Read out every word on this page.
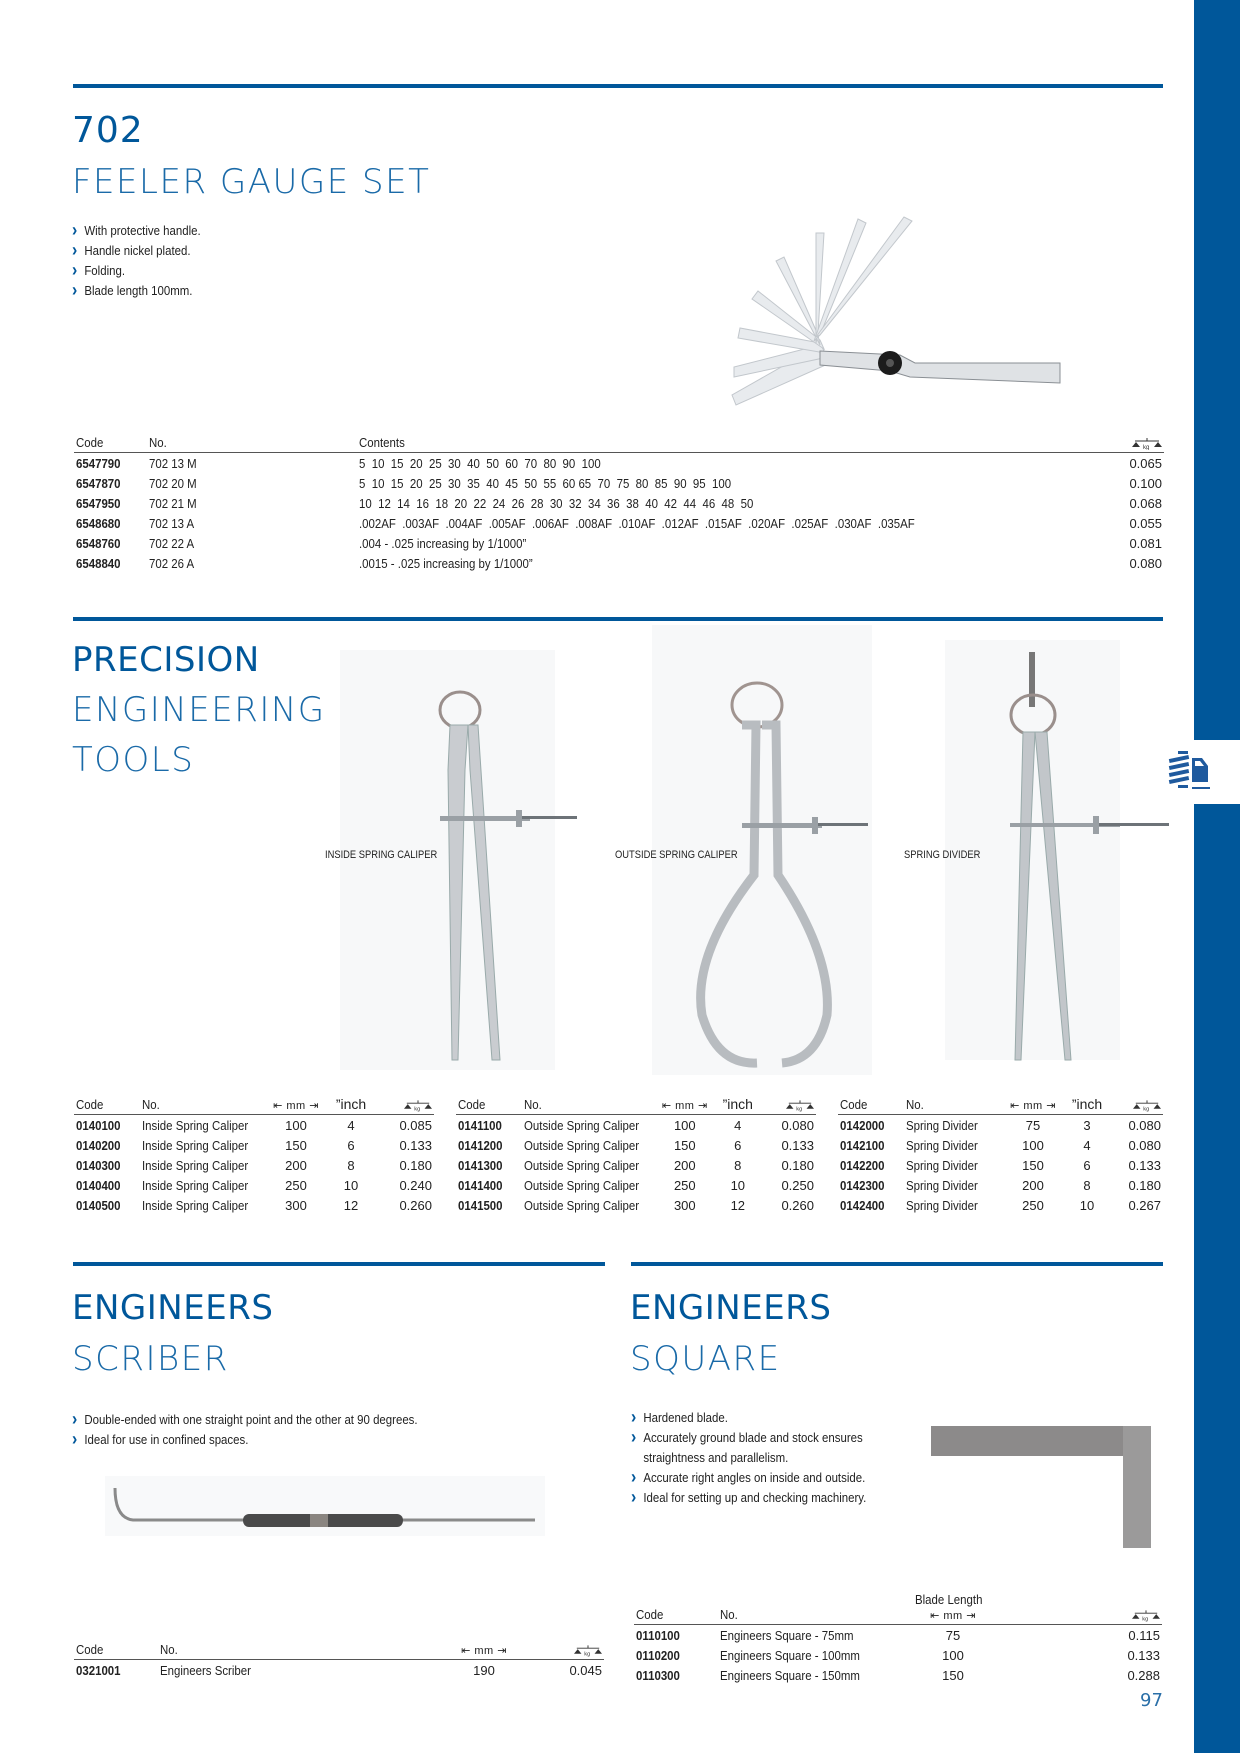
702
FEELER GAUGE SET
› With protective handle.
› Handle nickel plated.
› Folding.
› Blade length 100mm.
Code	No.	Contents	kg

6547790	702 13 M	5  10  15  20  25  30  40  50  60  70  80  90  100	0.065
6547870	702 20 M	5  10  15  20  25  30  35  40  45  50  55  60 65  70  75  80  85  90  95  100	0.100
6547950	702 21 M	10  12  14  16  18  20  22  24  26  28  30  32  34  36  38  40  42  44  46  48  50	0.068
6548680	702 13 A	.002AF  .003AF  .004AF  .005AF  .006AF  .008AF  .010AF  .012AF  .015AF  .020AF  .025AF  .030AF  .035AF	0.055
6548760	702 22 A	.004 - .025 increasing by 1/1000”	0.081
6548840	702 26 A	.0015 - .025 increasing by 1/1000”	0.080
PRECISION
ENGINEERING
TOOLS
INSIDE SPRING CALIPER	OUTSIDE SPRING CALIPER	SPRING DIVIDER
Code	No.	⇤ mm ⇥	”inch	kg

0140100	Inside Spring Caliper	100	4	0.085
0140200	Inside Spring Caliper	150	6	0.133
0140300	Inside Spring Caliper	200	8	0.180
0140400	Inside Spring Caliper	250	10	0.240
0140500	Inside Spring Caliper	300	12	0.260
Code	No.	⇤ mm ⇥	”inch	kg

0141100	Outside Spring Caliper	100	4	0.080
0141200	Outside Spring Caliper	150	6	0.133
0141300	Outside Spring Caliper	200	8	0.180
0141400	Outside Spring Caliper	250	10	0.250
0141500	Outside Spring Caliper	300	12	0.260
Code	No.	⇤ mm ⇥	”inch	kg

0142000	Spring Divider	75	3	0.080
0142100	Spring Divider	100	4	0.080
0142200	Spring Divider	150	6	0.133
0142300	Spring Divider	200	8	0.180
0142400	Spring Divider	250	10	0.267
ENGINEERS
SCRIBER
› Double-ended with one straight point and the other at 90 degrees.
› Ideal for use in confined spaces.
Code	No.	⇤ mm ⇥	kg

0321001	Engineers Scriber	190	0.045
ENGINEERS
SQUARE
› Hardened blade.
› Accurately ground blade and stock ensures straightness and parallelism.
› Accurate right angles on inside and outside.
› Ideal for setting up and checking machinery.
Code	No.	Blade Length ⇤ mm ⇥	kg

0110100	Engineers Square - 75mm	75	0.115
0110200	Engineers Square - 100mm	100	0.133
0110300	Engineers Square - 150mm	150	0.288
97
